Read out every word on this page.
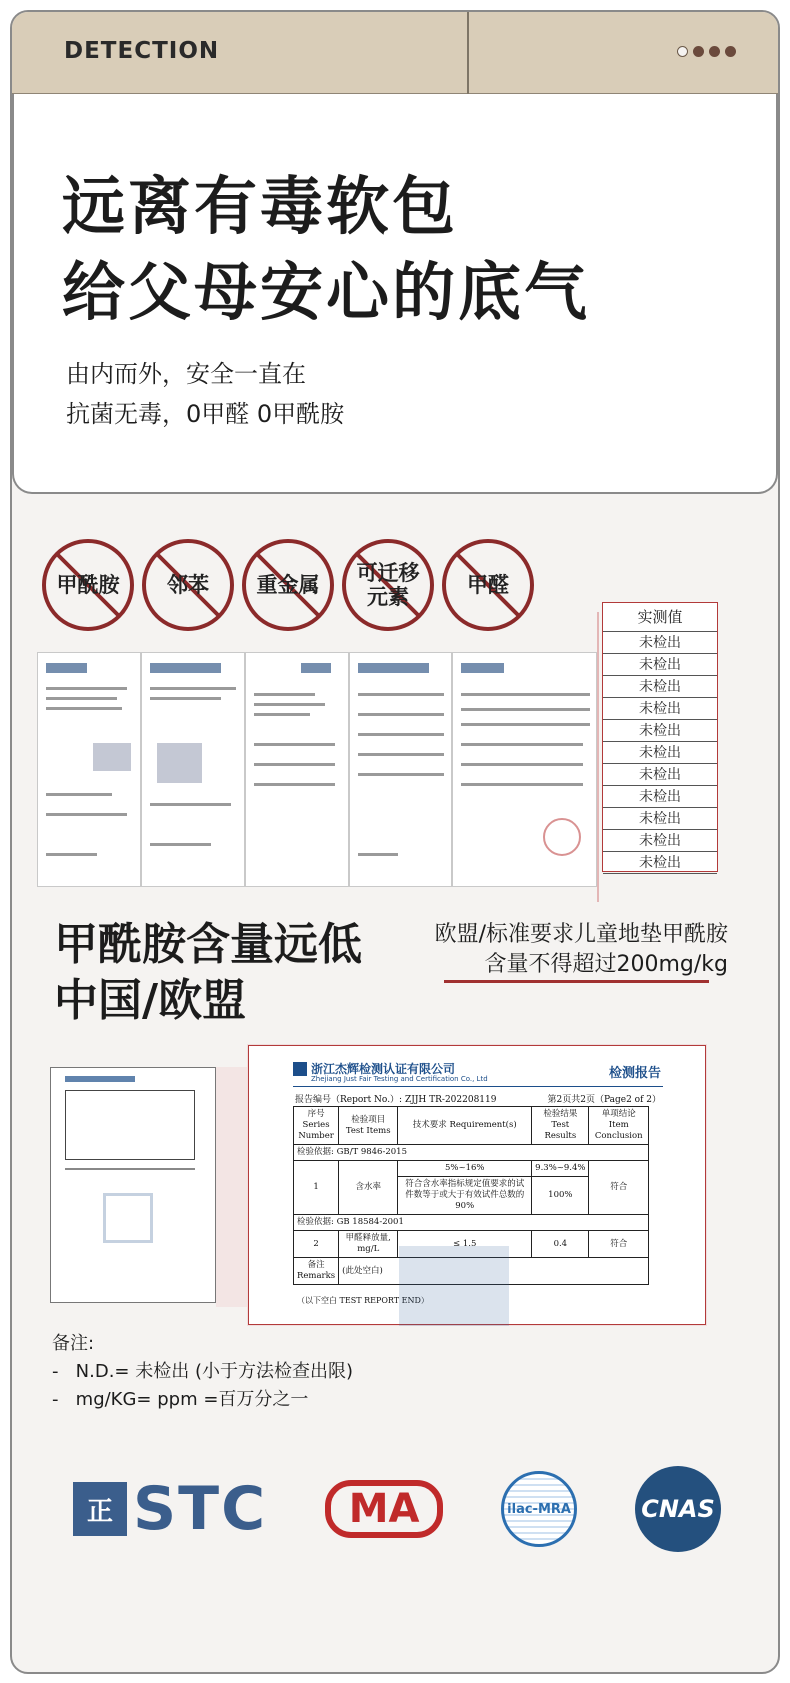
DETECTION
远离有毒软包
给父母安心的底气
由内而外，安全一直在
抗菌无毒，0甲醛 0甲酰胺
甲酰胺	邻苯	重金属	可迁移
元素	甲醛
实测值
未检出
未检出
未检出
未检出
未检出
未检出
未检出
未检出
未检出
未检出
未检出
甲酰胺含量远低
中国/欧盟
欧盟/标准要求儿童地垫甲酰胺
含量不得超过200mg/kg
浙江杰辉检测认证有限公司
Zhejiang Just Fair Testing and Certification Co., Ltd	检测报告
报告编号（Report No.）: ZJJH TR-202208119	第2页共2页（Page2 of 2）
序号 Series Number	检验项目 Test Items	技术要求 Requirement(s)	检验结果 Test Results	单项结论 Item Conclusion
检验依据: GB/T 9846-2015				
1	含水率	5%~16%	9.3%~9.4%	符合
		符合含水率指标规定值要求的试件数等于或大于有效试件总数的90%	100%	
检验依据: GB 18584-2001				
2	甲醛释放量, mg/L	≤ 1.5	0.4	符合
备注 Remarks	(此处空白)			
（以下空白 TEST REPORT END）
备注:
-   N.D.= 未检出 (小于方法检查出限)
-   mg/KG= ppm =百万分之一
正 STC	MA	ilac-MRA	CNAS
